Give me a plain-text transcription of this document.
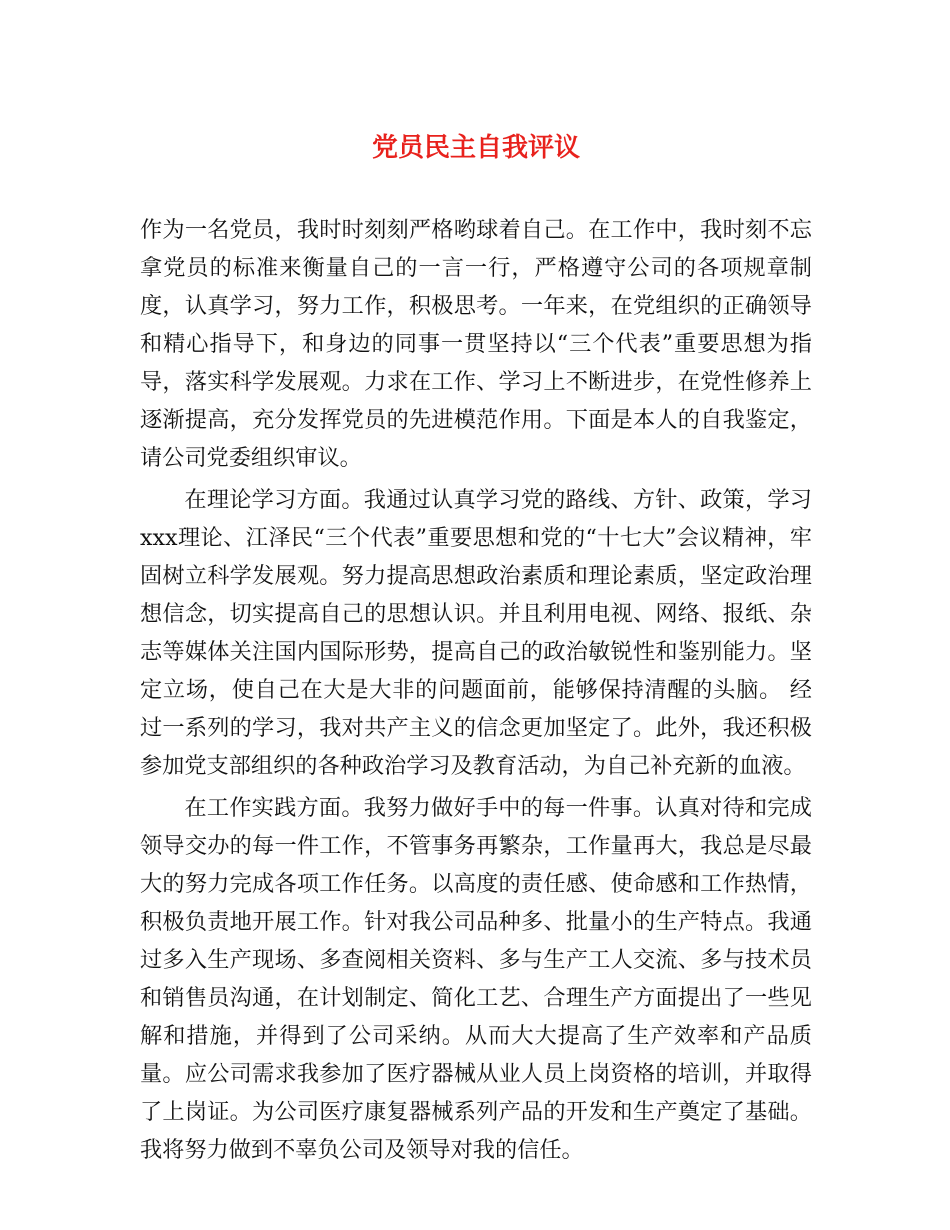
党员民主自我评议

作为一名党员，我时时刻刻严格哟球着自己。在工作中，我时刻不忘拿党员的标准来衡量自己的一言一行，严格遵守公司的各项规章制度，认真学习，努力工作，积极思考。一年来，在党组织的正确领导和精心指导下，和身边的同事一贯坚持以“三个代表”重要思想为指导，落实科学发展观。力求在工作、学习上不断进步，在党性修养上逐渐提高，充分发挥党员的先进模范作用。下面是本人的自我鉴定，请公司党委组织审议。

在理论学习方面。我通过认真学习党的路线、方针、政策，学习xxx理论、江泽民“三个代表”重要思想和党的“十七大”会议精神，牢固树立科学发展观。努力提高思想政治素质和理论素质，坚定政治理想信念，切实提高自己的思想认识。并且利用电视、网络、报纸、杂志等媒体关注国内国际形势，提高自己的政治敏锐性和鉴别能力。坚定立场，使自己在大是大非的问题面前，能够保持清醒的头脑。 经过一系列的学习，我对共产主义的信念更加坚定了。此外，我还积极参加党支部组织的各种政治学习及教育活动，为自己补充新的血液。

在工作实践方面。我努力做好手中的每一件事。认真对待和完成领导交办的每一件工作，不管事务再繁杂，工作量再大，我总是尽最大的努力完成各项工作任务。以高度的责任感、使命感和工作热情，积极负责地开展工作。针对我公司品种多、批量小的生产特点。我通过多入生产现场、多查阅相关资料、多与生产工人交流、多与技术员和销售员沟通，在计划制定、简化工艺、合理生产方面提出了一些见解和措施，并得到了公司采纳。从而大大提高了生产效率和产品质量。应公司需求我参加了医疗器械从业人员上岗资格的培训，并取得了上岗证。为公司医疗康复器械系列产品的开发和生产奠定了基础。我将努力做到不辜负公司及领导对我的信任。
